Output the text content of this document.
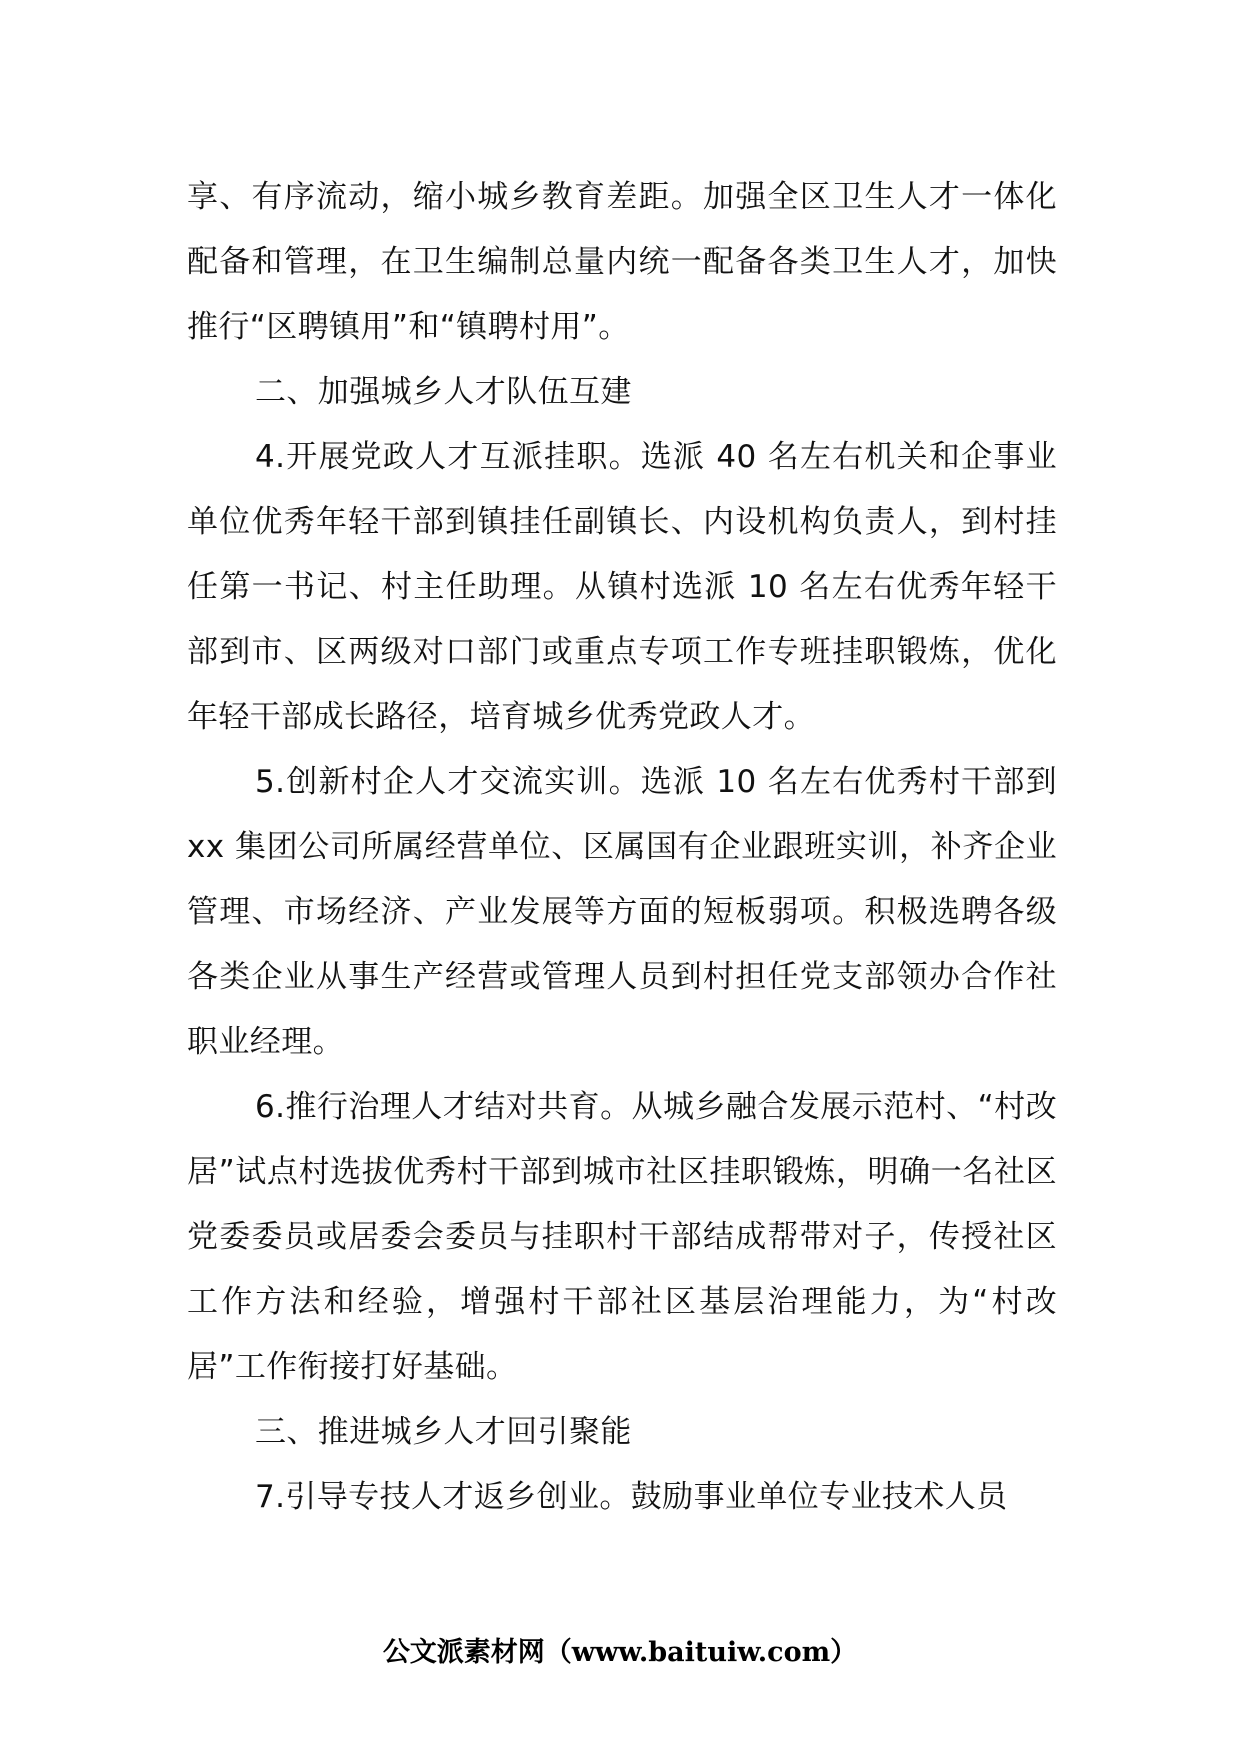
享、有序流动，缩小城乡教育差距。加强全区卫生人才一体化配备和管理，在卫生编制总量内统一配备各类卫生人才，加快推行“区聘镇用”和“镇聘村用”。

二、加强城乡人才队伍互建

4.开展党政人才互派挂职。选派 40 名左右机关和企事业单位优秀年轻干部到镇挂任副镇长、内设机构负责人，到村挂任第一书记、村主任助理。从镇村选派 10 名左右优秀年轻干部到市、区两级对口部门或重点专项工作专班挂职锻炼，优化年轻干部成长路径，培育城乡优秀党政人才。

5.创新村企人才交流实训。选派 10 名左右优秀村干部到 xx 集团公司所属经营单位、区属国有企业跟班实训，补齐企业管理、市场经济、产业发展等方面的短板弱项。积极选聘各级各类企业从事生产经营或管理人员到村担任党支部领办合作社职业经理。

6.推行治理人才结对共育。从城乡融合发展示范村、“村改居”试点村选拔优秀村干部到城市社区挂职锻炼，明确一名社区党委委员或居委会委员与挂职村干部结成帮带对子，传授社区工作方法和经验，增强村干部社区基层治理能力，为“村改居”工作衔接打好基础。

三、推进城乡人才回引聚能

7.引导专技人才返乡创业。鼓励事业单位专业技术人员

公文派素材网（www.baituiw.com）
